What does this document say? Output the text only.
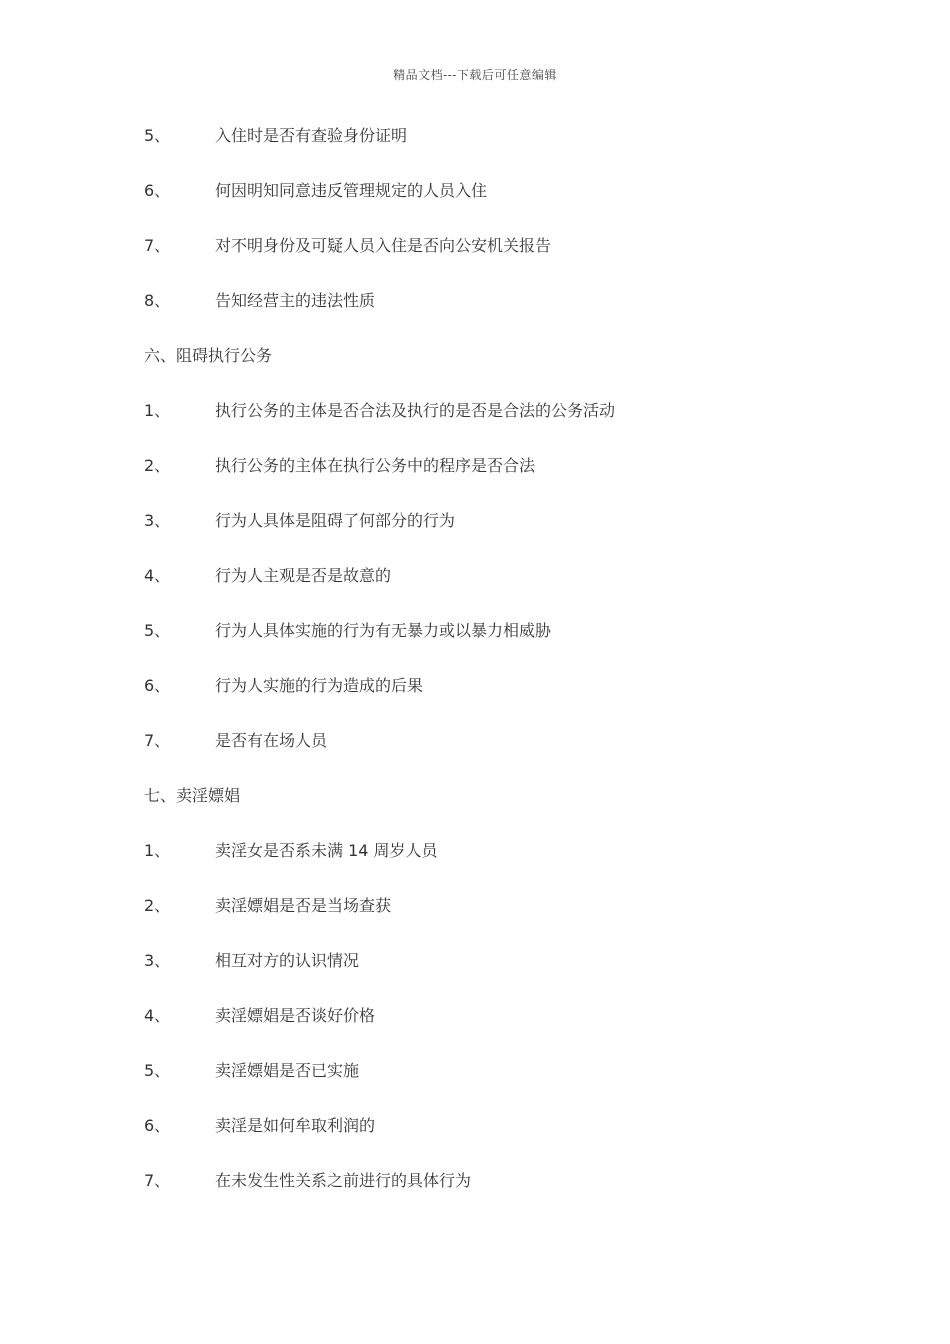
精品文档---下载后可任意编辑
5、	入住时是否有查验身份证明
6、	何因明知同意违反管理规定的人员入住
7、	对不明身份及可疑人员入住是否向公安机关报告
8、	告知经营主的违法性质
六、阻碍执行公务
1、	执行公务的主体是否合法及执行的是否是合法的公务活动
2、	执行公务的主体在执行公务中的程序是否合法
3、	行为人具体是阻碍了何部分的行为
4、	行为人主观是否是故意的
5、	行为人具体实施的行为有无暴力或以暴力相威胁
6、	行为人实施的行为造成的后果
7、	是否有在场人员
七、卖淫嫖娼
1、	卖淫女是否系未满 14 周岁人员
2、	卖淫嫖娼是否是当场查获
3、	相互对方的认识情况
4、	卖淫嫖娼是否谈好价格
5、	卖淫嫖娼是否已实施
6、	卖淫是如何牟取利润的
7、	在未发生性关系之前进行的具体行为
